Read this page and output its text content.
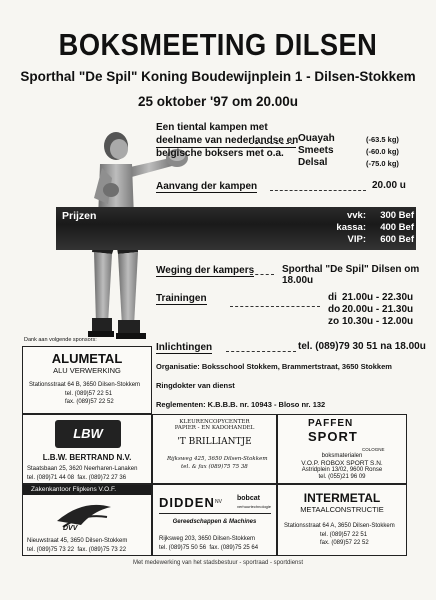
BOKSMEETING DILSEN
Sporthal "De Spil" Koning Boudewijnplein 1 - Dilsen-Stokkem
25 oktober '97 om 20.00u
Een tiental kampen met deelname van nederlandse en
belgische boksers met o.a.
Ouayah	(-63.5 kg)
Smeets	(-60.0 kg)
Delsal	(-75.0 kg)
Aanvang der kampen	20.00 u
Prijzen	vvk:	300 Bef
kassa:	400 Bef
VIP:	600 Bef
Weging der kampers	Sporthal "De Spil" Dilsen om 18.00u
Trainingen	di 21.00u - 22.30u
do 20.00u - 21.30u
zo 10.30u - 12.00u
Dank aan volgende sponsors:
Inlichtingen	tel. (089)79 30 51 na 18.00u
Organisatie: Boksschool Stokkem, Brammertstraat, 3650 Stokkem
Ringdokter van dienst
Reglementen: K.B.B.B. nr. 10943 - Bloso nr. 132
ALUMETAL
ALU VERWERKING
Stationsstraat 64 B, 3650 Dilsen-Stokkem
tel. (089)57 22 51
fax. (089)57 22 52
LBW
L.B.W. BERTRAND N.V.
Staatsbaan 25, 3620 Neerharen-Lanaken
tel. (089)71 44 08 fax. (089)72 27 36
KLEURENCOPYCENTER
PAPIER - EN KADOHANDEL
'T BRILLIANTJE
Rijksweg 425, 3650 Dilsen-Stokkem
tel. & fax (089)75 75 38
PAFFEN
SPORT
COLOGNE
boksmaterialen
V.O.P. ROBOX SPORT S.N.
Astridplein 13/02, 9600 Ronse
tel. (055)21 96 09
Zakenkantoor Flipkens V.O.F.
DVV
Nieuwstraat 45, 3650 Dilsen-Stokkem
tel. (089)75 73 22 fax. (089)75 73 22
DIDDEN NV bobcat
verhuurtechnologie
Gereedschappen & Machines
Rijksweg 203, 3650 Dilsen-Stokkem
tel. (089)75 50 56 fax. (089)75 25 64
INTERMETAL
METAALCONSTRUCTIE
Stationsstraat 64 A, 3650 Dilsen-Stokkem
tel. (089)57 22 51
fax. (089)57 22 52
Met medewerking van het stadsbestuur - sportraad - sportdienst
